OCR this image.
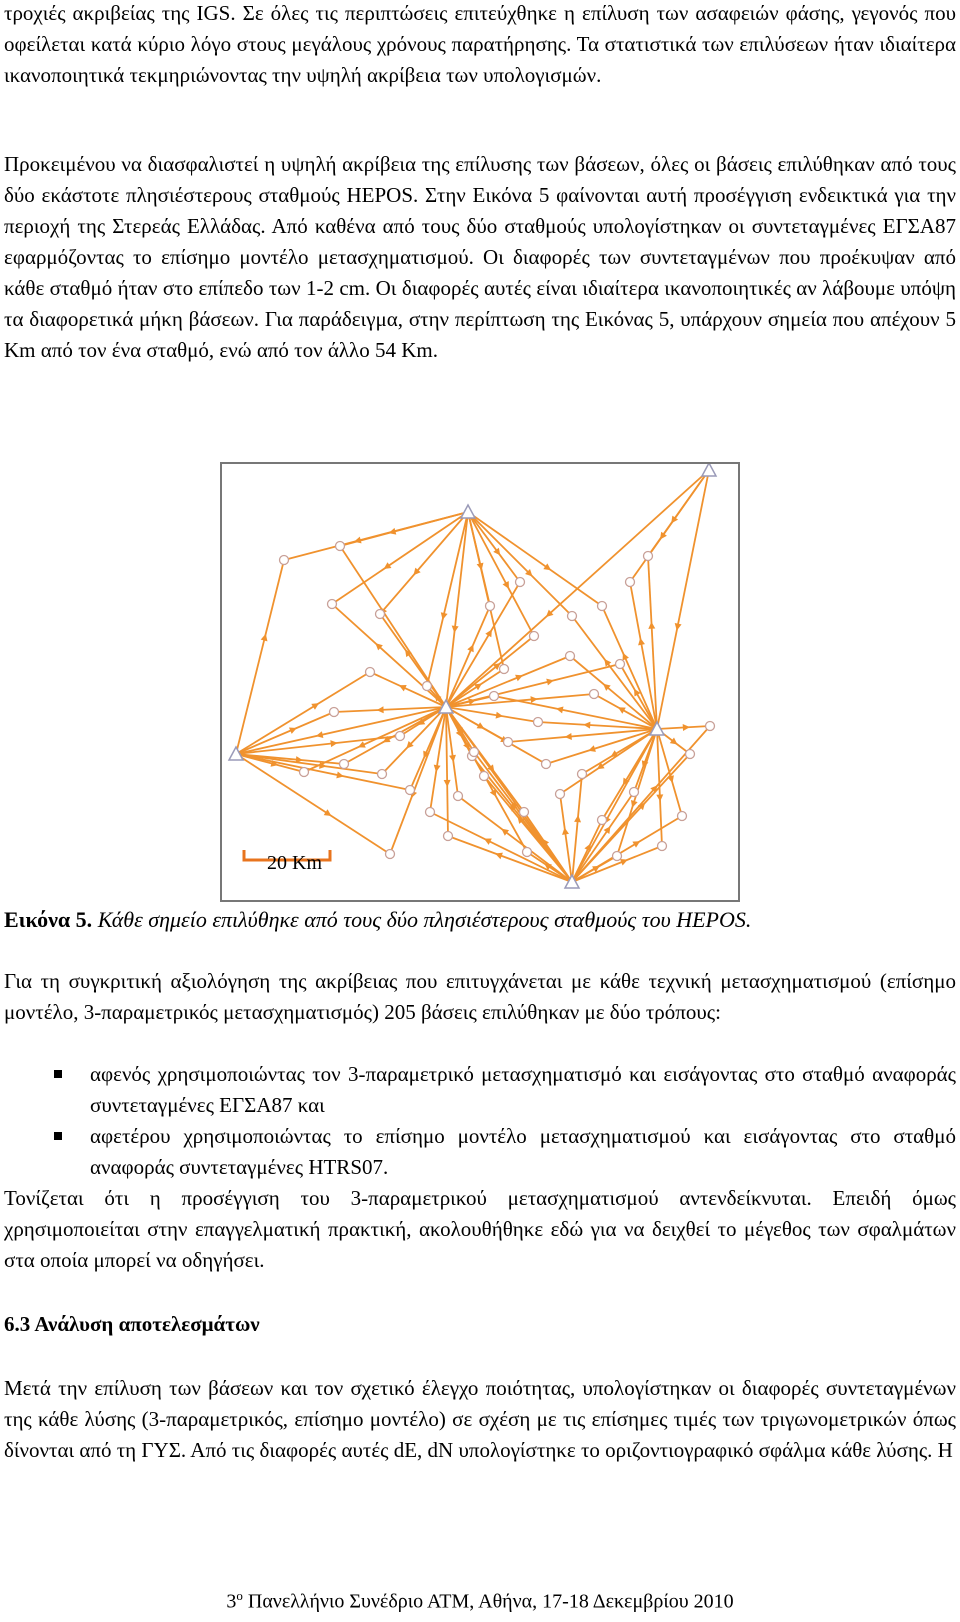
τροχιές ακριβείας της IGS. Σε όλες τις περιπτώσεις επιτεύχθηκε η επίλυση των ασαφειών φάσης, γεγονός που οφείλεται κατά κύριο λόγο στους μεγάλους χρόνους παρατήρησης. Τα στατιστικά των επιλύσεων ήταν ιδιαίτερα ικανοποιητικά τεκμηριώνοντας την υψηλή ακρίβεια των υπολογισμών.

Προκειμένου να διασφαλιστεί η υψηλή ακρίβεια της επίλυσης των βάσεων, όλες οι βάσεις επιλύθηκαν από τους δύο εκάστοτε πλησιέστερους σταθμούς HEPOS. Στην Εικόνα 5 φαίνονται αυτή προσέγγιση ενδεικτικά για την περιοχή της Στερεάς Ελλάδας. Από καθένα από τους δύο σταθμούς υπολογίστηκαν οι συντεταγμένες ΕΓΣΑ87 εφαρμόζοντας το επίσημο μοντέλο μετασχηματισμού. Οι διαφορές των συντεταγμένων που προέκυψαν από κάθε σταθμό ήταν στο επίπεδο των 1-2 cm. Οι διαφορές αυτές είναι ιδιαίτερα ικανοποιητικές αν λάβουμε υπόψη τα διαφορετικά μήκη βάσεων. Για παράδειγμα, στην περίπτωση της Εικόνας 5, υπάρχουν σημεία που απέχουν 5 Km από τον ένα σταθμό, ενώ από τον άλλο 54 Km.

20 Km
Εικόνα 5. Κάθε σημείο επιλύθηκε από τους δύο πλησιέστερους σταθμούς του HEPOS.

Για τη συγκριτική αξιολόγηση της ακρίβειας που επιτυγχάνεται με κάθε τεχνική μετασχηματισμού (επίσημο μοντέλο, 3-παραμετρικός μετασχηματισμός) 205 βάσεις επιλύθηκαν με δύο τρόπους:

αφενός χρησιμοποιώντας τον 3-παραμετρικό μετασχηματισμό και εισάγοντας στο σταθμό αναφοράς συντεταγμένες ΕΓΣΑ87 και
αφετέρου χρησιμοποιώντας το επίσημο μοντέλο μετασχηματισμού και εισάγοντας στο σταθμό αναφοράς συντεταγμένες HTRS07.

Τονίζεται ότι η προσέγγιση του 3-παραμετρικού μετασχηματισμού αντενδείκνυται. Επειδή όμως χρησιμοποιείται στην επαγγελματική πρακτική, ακολουθήθηκε εδώ για να δειχθεί το μέγεθος των σφαλμάτων στα οποία μπορεί να οδηγήσει.

6.3 Ανάλυση αποτελεσμάτων

Μετά την επίλυση των βάσεων και τον σχετικό έλεγχο ποιότητας, υπολογίστηκαν οι διαφορές συντεταγμένων της κάθε λύσης (3-παραμετρικός, επίσημο μοντέλο) σε σχέση με τις επίσημες τιμές των τριγωνομετρικών όπως δίνονται από τη ΓΥΣ. Από τις διαφορές αυτές dE, dN υπολογίστηκε το οριζοντιογραφικό σφάλμα κάθε λύσης. Η

$3^o$ Πανελλήνιο Συνέδριο ΑΤΜ, Αθήνα, 17-18 Δεκεμβρίου 2010
